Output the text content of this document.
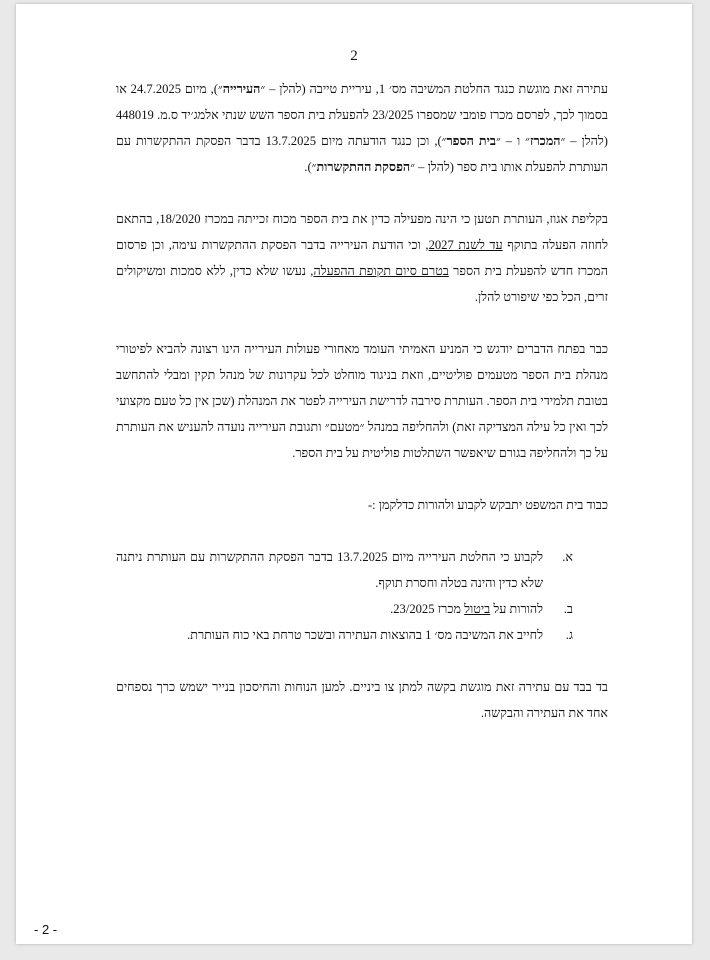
2

עתירה זאת מוגשת כנגד החלטת המשיבה מס׳ 1, עיריית טייבה (להלן – ״העירייה״), מיום 24.7.2025 או בסמוך לכך, לפרסם מכרז פומבי שמספרו 23/2025 להפעלת בית הספר השש שנתי אלמג׳יד ס.מ. 448019 (להלן – ״המכרז״ ו – ״בית הספר״), וכן כנגד הודעתה מיום 13.7.2025 בדבר הפסקת ההתקשרות עם העותרת להפעלת אותו בית ספר (להלן – ״הפסקת ההתקשרות״).

בקליפת אגוז, העותרת תטען כי הינה מפעילה כדין את בית הספר מכוח זכייתה במכרז 18/2020, בהתאם לחוזה הפעלה בתוקף עד לשנת 2027, וכי הודעת העירייה בדבר הפסקת ההתקשרות עימה, וכן פרסום המכרז חדש להפעלת בית הספר בטרם סיום תקופת ההפעלה, נעשו שלא כדין, ללא סמכות ומשיקולים זרים, הכל כפי שיפורט להלן.

כבר בפתח הדברים יודגש כי המניע האמיתי העומד מאחורי פעולות העירייה הינו רצונה להביא לפיטורי מנהלת בית הספר מטעמים פוליטיים, וזאת בניגוד מוחלט לכל עקרונות של מנהל תקין ומבלי להתחשב בטובת תלמידי בית הספר. העותרת סירבה לדרישת העירייה לפטר את המנהלת (שכן אין כל טעם מקצועי לכך ואין כל עילה המצדיקה זאת) ולהחליפה במנהל ״מטעם״ ותגובת העירייה נועדה להעניש את העותרת על כך ולהחליפה בגורם שיאפשר השתלטות פוליטית על בית הספר.

כבוד בית המשפט יתבקש לקבוע ולהורות כדלקמן :-

א.
לקבוע כי החלטת העירייה מיום 13.7.2025 בדבר הפסקת ההתקשרות עם העותרת ניתנה שלא כדין והינה בטלה וחסרת תוקף.
ב.
להורות על ביטול מכרז 23/2025.
ג.
לחייב את המשיבה מס׳ 1 בהוצאות העתירה ובשכר טרחת באי כוח העותרת.

בד בבד עם עתירה זאת מוגשת בקשה למתן צו ביניים. למען הנוחות והחיסכון בנייר ישמש כרך נספחים אחד את העתירה והבקשה.

- 2 -
